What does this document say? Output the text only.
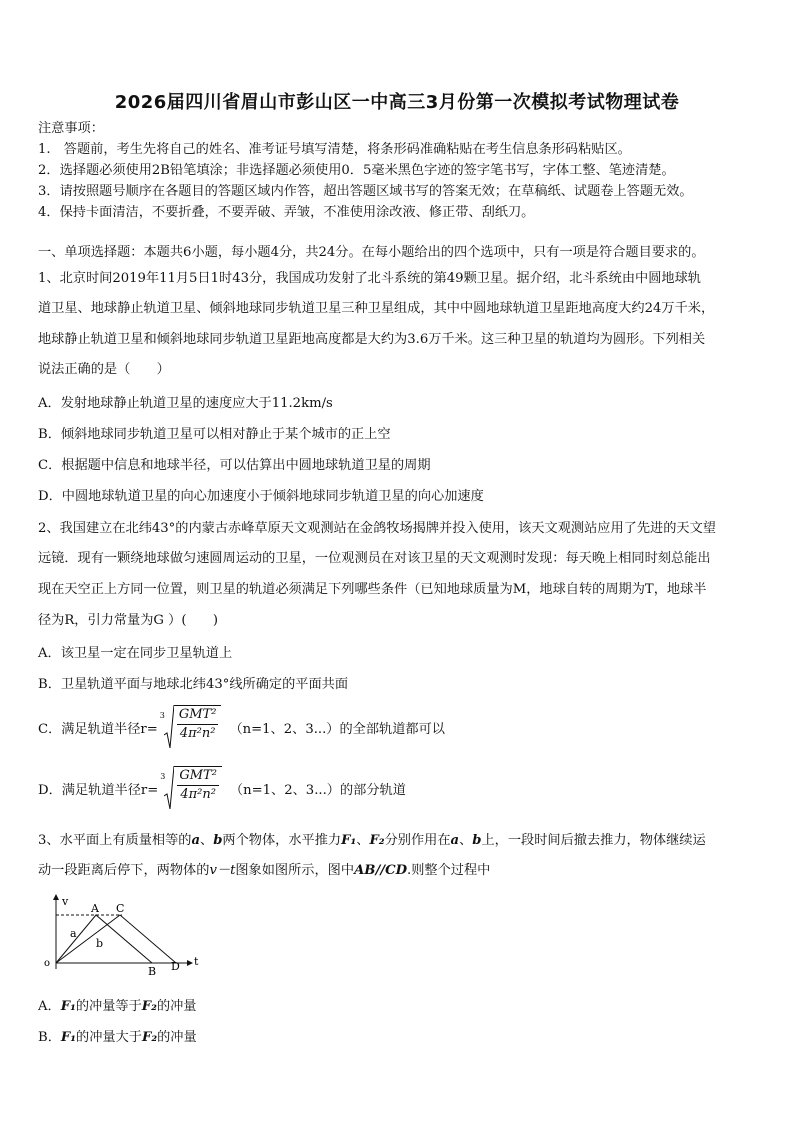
2026届四川省眉山市彭山区一中高三3月份第一次模拟考试物理试卷
注意事项：
1.　答题前，考生先将自己的姓名、准考证号填写清楚，将条形码准确粘贴在考生信息条形码粘贴区。
2．选择题必须使用2B铅笔填涂；非选择题必须使用0．5毫米黑色字迹的签字笔书写，字体工整、笔迹清楚。
3．请按照题号顺序在各题目的答题区域内作答，超出答题区域书写的答案无效；在草稿纸、试题卷上答题无效。
4．保持卡面清洁，不要折叠，不要弄破、弄皱，不准使用涂改液、修正带、刮纸刀。
一、单项选择题：本题共6小题，每小题4分，共24分。在每小题给出的四个选项中，只有一项是符合题目要求的。
1、北京时间2019年11月5日1时43分，我国成功发射了北斗系统的第49颗卫星。据介绍，北斗系统由中圆地球轨
道卫星、地球静止轨道卫星、倾斜地球同步轨道卫星三种卫星组成，其中中圆地球轨道卫星距地高度大约24万千米，
地球静止轨道卫星和倾斜地球同步轨道卫星距地高度都是大约为3.6万千米。这三种卫星的轨道均为圆形。下列相关
说法正确的是（　　）
A．发射地球静止轨道卫星的速度应大于11.2km/s
B．倾斜地球同步轨道卫星可以相对静止于某个城市的正上空
C．根据题中信息和地球半径，可以估算出中圆地球轨道卫星的周期
D．中圆地球轨道卫星的向心加速度小于倾斜地球同步轨道卫星的向心加速度
2、我国建立在北纬43°的内蒙古赤峰草原天文观测站在金鸽牧场揭牌并投入使用，该天文观测站应用了先进的天文望
远镜．现有一颗绕地球做匀速圆周运动的卫星，一位观测员在对该卫星的天文观测时发现：每天晚上相同时刻总能出
现在天空正上方同一位置，则卫星的轨道必须满足下列哪些条件（已知地球质量为M，地球自转的周期为T，地球半
径为R，引力常量为G ）(　　)
A．该卫星一定在同步卫星轨道上
B．卫星轨道平面与地球北纬43°线所确定的平面共面
C．满足轨道半径r=
$3 \frac{\text{GMT²}}{\text{4π²n²}} (n=1$、2、3...）的全部轨道都可以
D．满足轨道半径r=
$3 \frac{\text{GMT²}}{\text{4π²n²}} (n=1$、2、3...）的部分轨道
3、水平面上有质量相等的a、b两个物体，水平推力F₁、F₂分别作用在a、b上，一段时间后撤去推力，物体继续运
动一段距离后停下，两物体的v－t图象如图所示，图中AB//CD.则整个过程中
v
t
o
A C
B D
a
b
A．F₁的冲量等于F₂的冲量
B．F₁的冲量大于F₂的冲量
